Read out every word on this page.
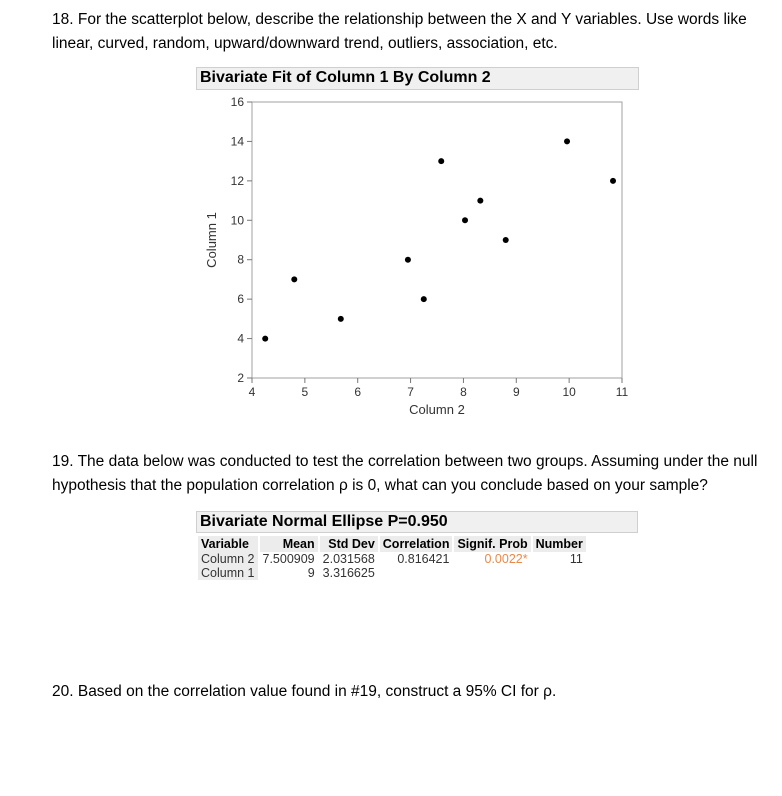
18. For the scatterplot below, describe the relationship between the X and Y variables. Use words like linear, curved, random, upward/downward trend, outliers, association, etc.
Bivariate Fit of Column 1 By Column 2
4	5	6	7	8	9	10	11
2
4
6
8
10
12
14
16
Column 2
Column 1
19. The data below was conducted to test the correlation between two groups. Assuming under the null hypothesis that the population correlation ρ is 0, what can you conclude based on your sample?
Bivariate Normal Ellipse P=0.950
Variable	Mean	Std Dev	Correlation	Signif. Prob	Number
Column 2	7.500909	2.031568	0.816421	0.0022*	11
Column 1	9	3.316625			
20. Based on the correlation value found in #19, construct a 95% CI for ρ.
